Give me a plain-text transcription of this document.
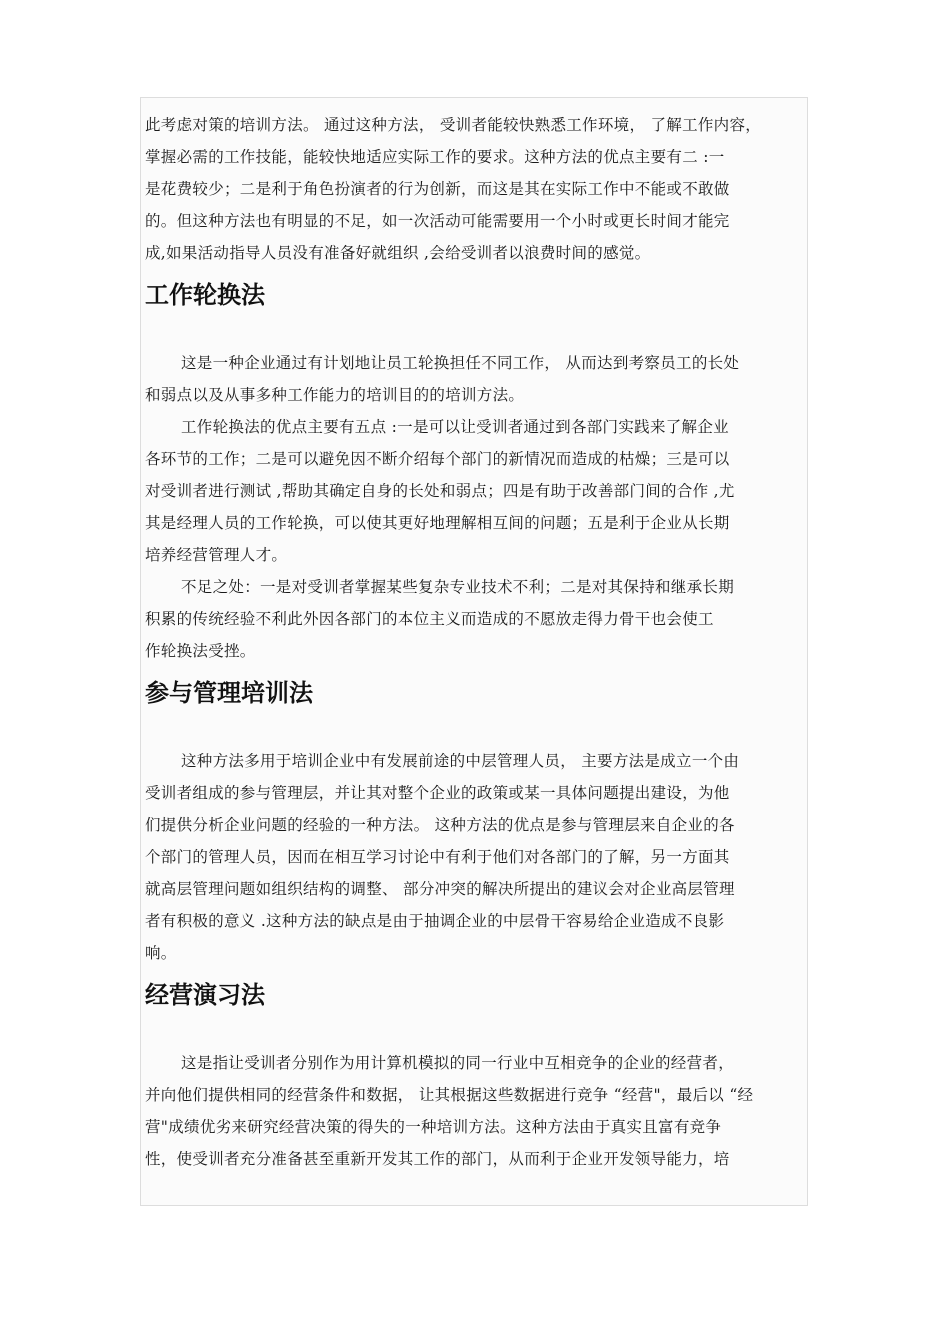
此考虑对策的培训方法。 通过这种方法， 受训者能较快熟悉工作环境， 了解工作内容，
掌握必需的工作技能，能较快地适应实际工作的要求。这种方法的优点主要有二 :一
是花费较少；二是利于角色扮演者的行为创新，而这是其在实际工作中不能或不敢做
的。但这种方法也有明显的不足，如一次活动可能需要用一个小时或更长时间才能完
成,如果活动指导人员没有准备好就组织 ,会给受训者以浪费时间的感觉。
工作轮换法
这是一种企业通过有计划地让员工轮换担任不同工作， 从而达到考察员工的长处
和弱点以及从事多种工作能力的培训目的的培训方法。
工作轮换法的优点主要有五点 :一是可以让受训者通过到各部门实践来了解企业
各环节的工作；二是可以避免因不断介绍每个部门的新情况而造成的枯燥；三是可以
对受训者进行测试 ,帮助其确定自身的长处和弱点；四是有助于改善部门间的合作 ,尤
其是经理人员的工作轮换，可以使其更好地理解相互间的问题；五是利于企业从长期
培养经营管理人才。
不足之处：一是对受训者掌握某些复杂专业技术不利；二是对其保持和继承长期
积累的传统经验不利此外因各部门的本位主义而造成的不愿放走得力骨干也会使工
作轮换法受挫。
参与管理培训法
这种方法多用于培训企业中有发展前途的中层管理人员， 主要方法是成立一个由
受训者组成的参与管理层，并让其对整个企业的政策或某一具体问题提出建设，为他
们提供分析企业问题的经验的一种方法。 这种方法的优点是参与管理层来自企业的各
个部门的管理人员，因而在相互学习讨论中有利于他们对各部门的了解，另一方面其
就高层管理问题如组织结构的调整、 部分冲突的解决所提出的建议会对企业高层管理
者有积极的意义 .这种方法的缺点是由于抽调企业的中层骨干容易给企业造成不良影
响。
经营演习法
这是指让受训者分别作为用计算机模拟的同一行业中互相竞争的企业的经营者，
并向他们提供相同的经营条件和数据， 让其根据这些数据进行竞争 “经营"，最后以 “经
营"成绩优劣来研究经营决策的得失的一种培训方法。这种方法由于真实且富有竞争
性，使受训者充分准备甚至重新开发其工作的部门，从而利于企业开发领导能力，培
